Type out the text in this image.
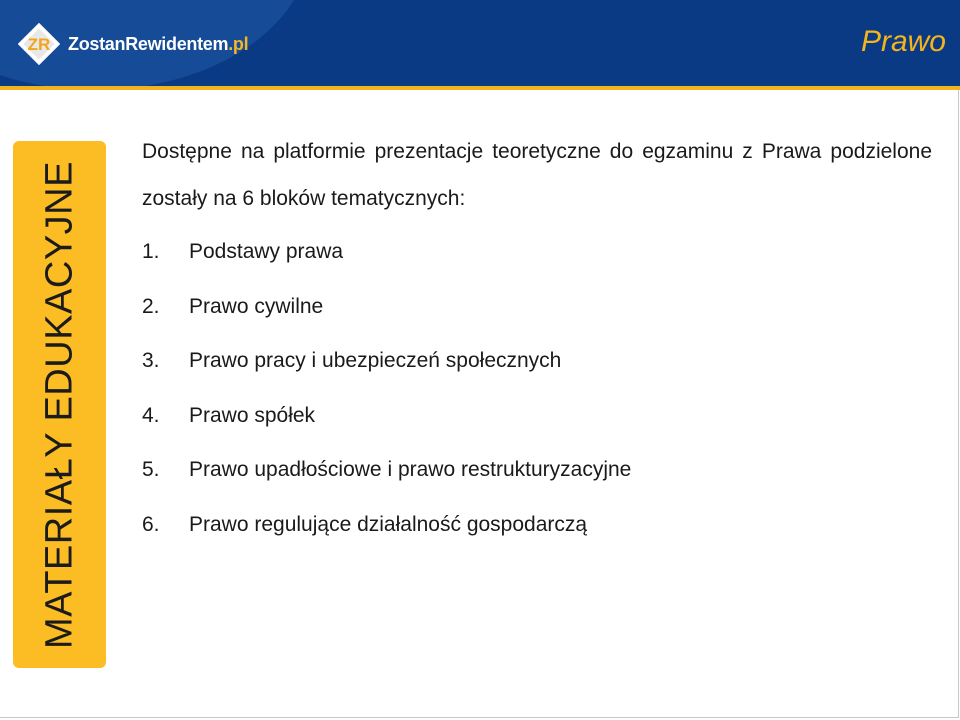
ZR ZostanRewidentem.pl	Prawo
MATERIAŁY EDUKACYJNE

Dostępne na platformie prezentacje teoretyczne do egzaminu z Prawa podzielone zostały na 6 bloków tematycznych:

1.	Podstawy prawa
2.	Prawo cywilne
3.	Prawo pracy i ubezpieczeń społecznych
4.	Prawo spółek
5.	Prawo upadłościowe i prawo restrukturyzacyjne
6.	Prawo regulujące działalność gospodarczą
